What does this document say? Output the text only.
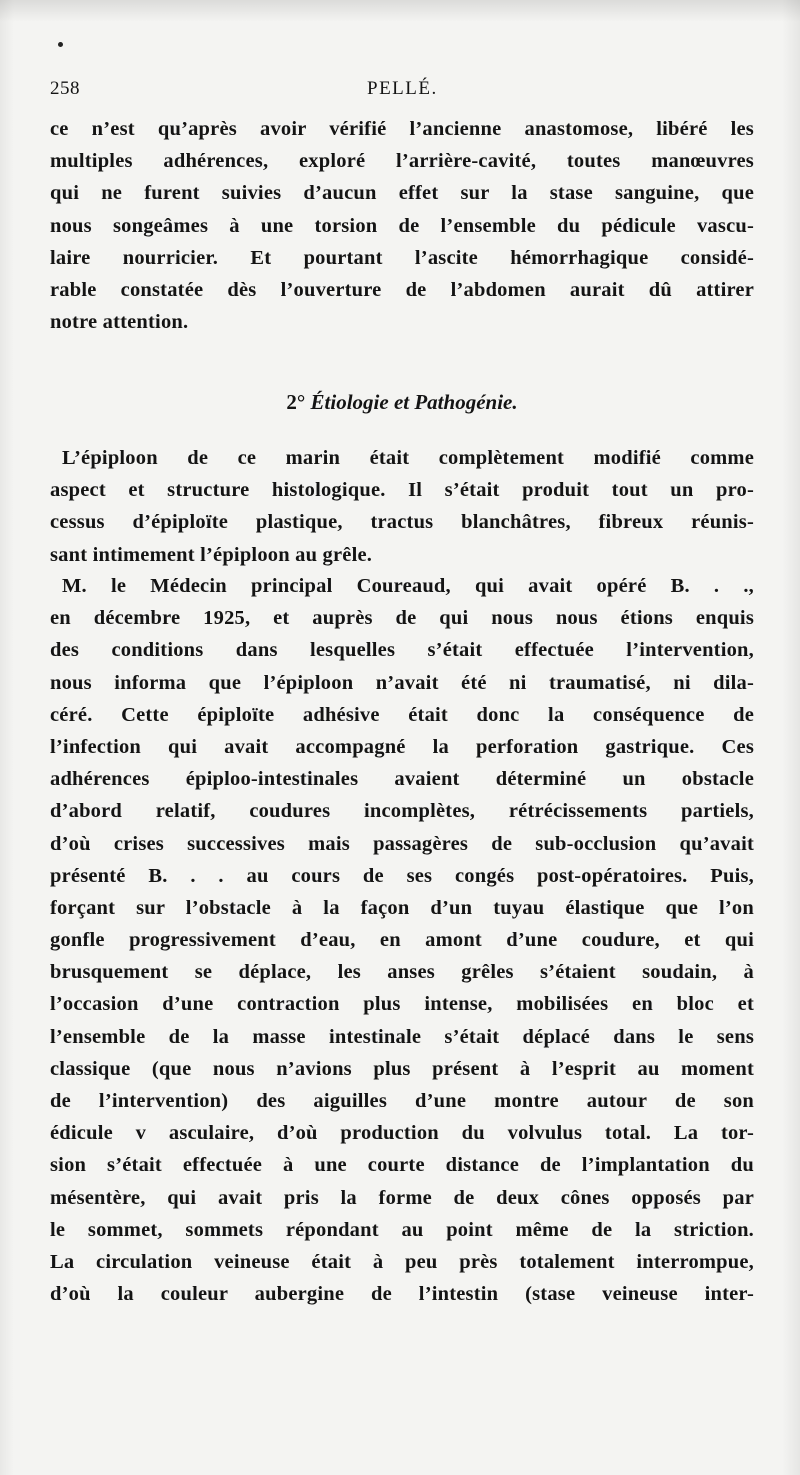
258	PELLÉ.
ce n’est qu’après avoir vérifié l’ancienne anastomose, libéré les
multiples adhérences, exploré l’arrière-cavité, toutes manœuvres
qui ne furent suivies d’aucun effet sur la stase sanguine, que
nous songeâmes à une torsion de l’ensemble du pédicule vascu-
laire nourricier. Et pourtant l’ascite hémorrhagique considé-
rable constatée dès l’ouverture de l’abdomen aurait dû attirer
notre attention.
2° Étiologie et Pathogénie.
L’épiploon de ce marin était complètement modifié comme
aspect et structure histologique. Il s’était produit tout un pro-
cessus d’épiploïte plastique, tractus blanchâtres, fibreux réunis-
sant intimement l’épiploon au grêle.
M. le Médecin principal Coureaud, qui avait opéré B. . .,
en décembre 1925, et auprès de qui nous nous étions enquis
des conditions dans lesquelles s’était effectuée l’intervention,
nous informa que l’épiploon n’avait été ni traumatisé, ni dila-
céré. Cette épiploïte adhésive était donc la conséquence de
l’infection qui avait accompagné la perforation gastrique. Ces
adhérences épiploo-intestinales avaient déterminé un obstacle
d’abord relatif, coudures incomplètes, rétrécissements partiels,
d’où crises successives mais passagères de sub-occlusion qu’avait
présenté B. . . au cours de ses congés post-opératoires. Puis,
forçant sur l’obstacle à la façon d’un tuyau élastique que l’on
gonfle progressivement d’eau, en amont d’une coudure, et qui
brusquement se déplace, les anses grêles s’étaient soudain, à
l’occasion d’une contraction plus intense, mobilisées en bloc et
l’ensemble de la masse intestinale s’était déplacé dans le sens
classique (que nous n’avions plus présent à l’esprit au moment
de l’intervention) des aiguilles d’une montre autour de son
édicule v asculaire, d’où production du volvulus total. La tor-
sion s’était effectuée à une courte distance de l’implantation du
mésentère, qui avait pris la forme de deux cônes opposés par
le sommet, sommets répondant au point même de la striction.
La circulation veineuse était à peu près totalement interrompue,
d’où la couleur aubergine de l’intestin (stase veineuse inter-
